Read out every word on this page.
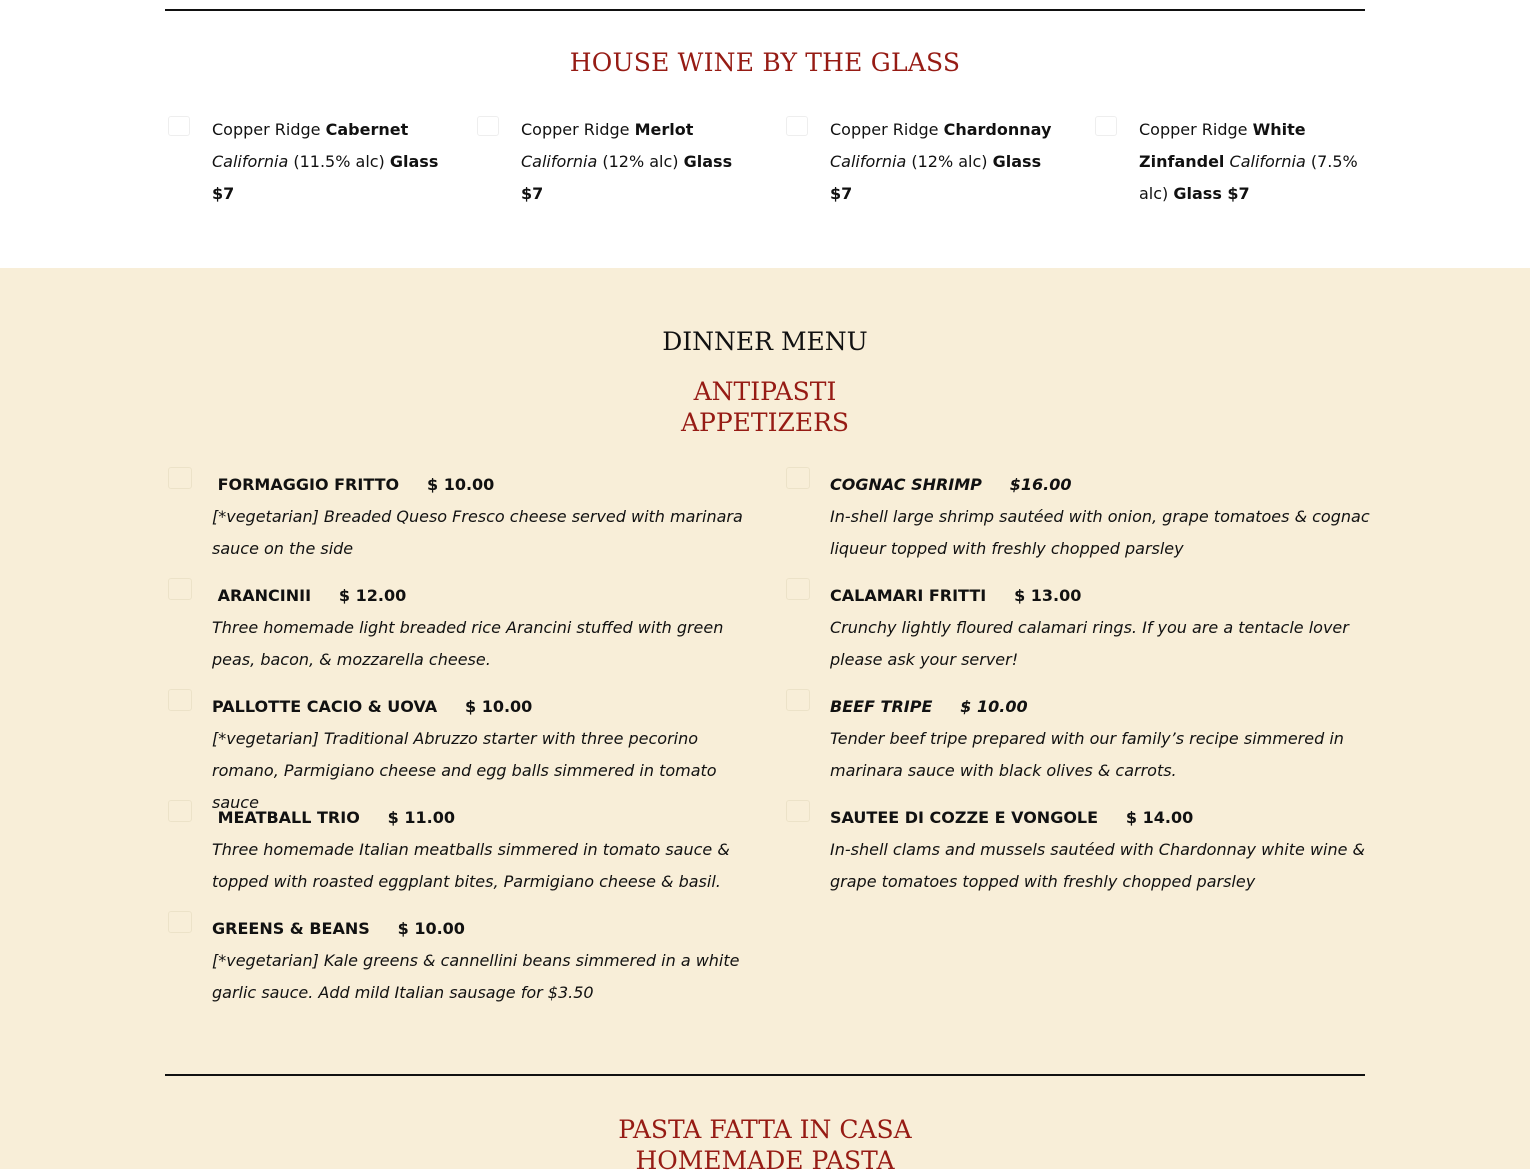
HOUSE WINE BY THE GLASS
Copper Ridge Cabernet
California (11.5% alc) Glass $7
Copper Ridge Merlot
California (12% alc) Glass $7
Copper Ridge Chardonnay
California (12% alc) Glass $7
Copper Ridge White Zinfandel California (7.5% alc) Glass $7
DINNER MENU
ANTIPASTI
APPETIZERS
PASTA FATTA IN CASA
HOMEMADE PASTA
FORMAGGIO FRITTO $ 10.00
[*vegetarian] Breaded Queso Fresco cheese served with marinara sauce on the side
ARANCINII $ 12.00
Three homemade light breaded rice Arancini stuffed with green peas, bacon, & mozzarella cheese.
PALLOTTE CACIO & UOVA $ 10.00
[*vegetarian] Traditional Abruzzo starter with three pecorino romano, Parmigiano cheese and egg balls simmered in tomato sauce
MEATBALL TRIO $ 11.00
Three homemade Italian meatballs simmered in tomato sauce & topped with roasted eggplant bites, Parmigiano cheese & basil.
GREENS & BEANS $ 10.00
[*vegetarian] Kale greens & cannellini beans simmered in a white garlic sauce. Add mild Italian sausage for $3.50
COGNAC SHRIMP $16.00
In-shell large shrimp sautéed with onion, grape tomatoes & cognac liqueur topped with freshly chopped parsley
CALAMARI FRITTI $ 13.00
Crunchy lightly floured calamari rings. If you are a tentacle lover please ask your server!
BEEF TRIPE $ 10.00
Tender beef tripe prepared with our family’s recipe simmered in marinara sauce with black olives & carrots.
SAUTEE DI COZZE E VONGOLE $ 14.00
In-shell clams and mussels sautéed with Chardonnay white wine & grape tomatoes topped with freshly chopped parsley
